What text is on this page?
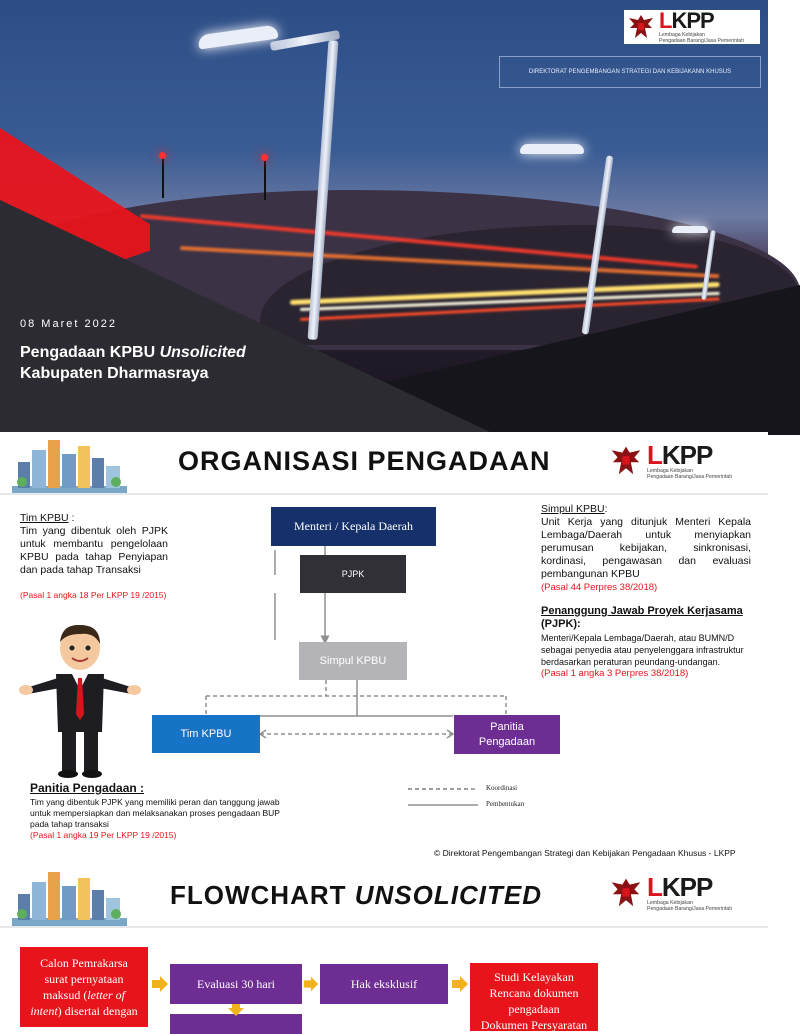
LKPP
Lembaga Kebijakan
Pengadaan Barang/Jasa Pemerintah
DIREKTORAT PENGEMBANGAN STRATEGI DAN KEBIJAKANN KHUSUS
08 Maret 2022
Pengadaan KPBU Unsolicited
Kabupaten Dharmasraya
ORGANISASI PENGADAAN	LKPP
Lembaga Kebijakan
Pengadaan Barang/Jasa Pemerintah
Tim KPBU :
Tim yang dibentuk oleh PJPK untuk membantu pengelolaan KPBU pada tahap Penyiapan dan pada tahap Transaksi
(Pasal 1 angka 18 Per LKPP 19 /2015)
Panitia Pengadaan :
Tim yang dibentuk PJPK yang memiliki peran dan tanggung jawab untuk mempersiapkan dan melaksanakan proses pengadaan BUP pada tahap transaksi
(Pasal 1 angka 19 Per LKPP 19 /2015)
Menteri / Kepala Daerah
PJPK
Simpul KPBU
Tim KPBU
Panitia Pengadaan
Koordinasi
Pembentukan
Simpul KPBU:
Unit Kerja yang ditunjuk Menteri Kepala Lembaga/Daerah untuk menyiapkan perumusan kebijakan, sinkronisasi, kordinasi, pengawasan dan evaluasi pembangunan KPBU
(Pasal 44 Perpres 38/2018)
Penanggung Jawab Proyek Kerjasama (PJPK):
Menteri/Kepala Lembaga/Daerah, atau BUMN/D sebagai penyedia atau penyelenggara infrastruktur berdasarkan peraturan peundang-undangan.
(Pasal 1 angka 3 Perpres 38/2018)
© Direktorat Pengembangan Strategi dan Kebijakan Pengadaan Khusus - LKPP
FLOWCHART UNSOLICITED	LKPP
Lembaga Kebijakan
Pengadaan Barang/Jasa Pemerintah
Calon Pemrakarsa
surat pernyataan
maksud (letter of
intent) disertai dengan
Evaluasi 30 hari	Hak eksklusif	Studi Kelayakan
Rencana dokumen
pengadaan
Dokumen Persyaratan
